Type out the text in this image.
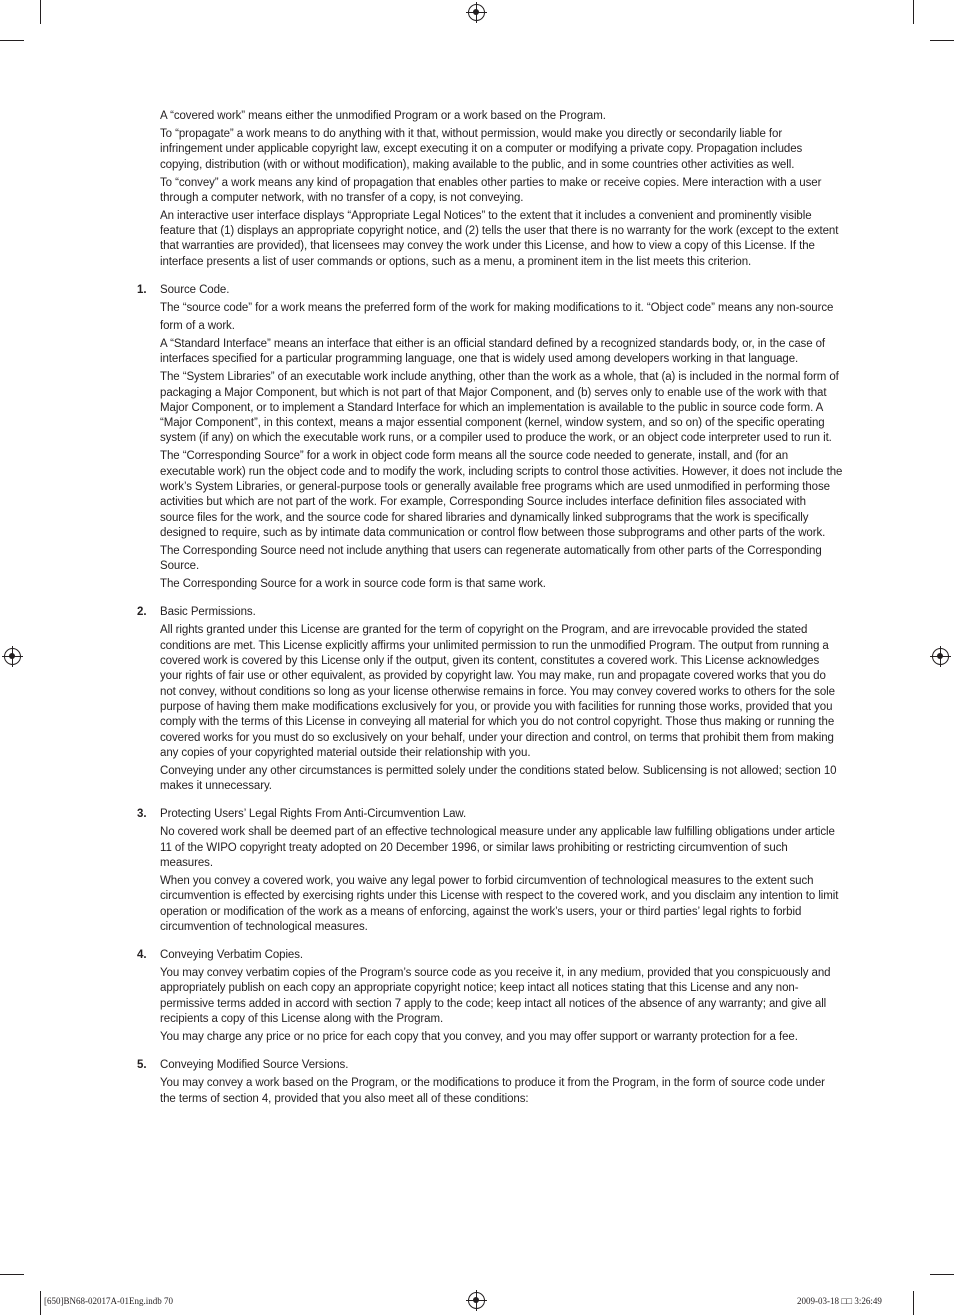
A “covered work” means either the unmodified Program or a work based on the Program.

To “propagate” a work means to do anything with it that, without permission, would make you directly or secondarily liable for infringement under applicable copyright law, except executing it on a computer or modifying a private copy. Propagation includes copying, distribution (with or without modification), making available to the public, and in some countries other activities as well.

To “convey” a work means any kind of propagation that enables other parties to make or receive copies. Mere interaction with a user through a computer network, with no transfer of a copy, is not conveying.

An interactive user interface displays “Appropriate Legal Notices” to the extent that it includes a convenient and prominently visible feature that (1) displays an appropriate copyright notice, and (2) tells the user that there is no warranty for the work (except to the extent that warranties are provided), that licensees may convey the work under this License, and how to view a copy of this License. If the interface presents a list of user commands or options, such as a menu, a prominent item in the list meets this criterion.

1. Source Code.

The “source code” for a work means the preferred form of the work for making modifications to it. “Object code” means any non-source

form of a work.

A “Standard Interface” means an interface that either is an official standard defined by a recognized standards body, or, in the case of interfaces specified for a particular programming language, one that is widely used among developers working in that language.

The “System Libraries” of an executable work include anything, other than the work as a whole, that (a) is included in the normal form of packaging a Major Component, but which is not part of that Major Component, and (b) serves only to enable use of the work with that Major Component, or to implement a Standard Interface for which an implementation is available to the public in source code form. A “Major Component”, in this context, means a major essential component (kernel, window system, and so on) of the specific operating system (if any) on which the executable work runs, or a compiler used to produce the work, or an object code interpreter used to run it.

The “Corresponding Source” for a work in object code form means all the source code needed to generate, install, and (for an executable work) run the object code and to modify the work, including scripts to control those activities. However, it does not include the work’s System Libraries, or general-purpose tools or generally available free programs which are used unmodified in performing those activities but which are not part of the work. For example, Corresponding Source includes interface definition files associated with source files for the work, and the source code for shared libraries and dynamically linked subprograms that the work is specifically designed to require, such as by intimate data communication or control flow between those subprograms and other parts of the work.

The Corresponding Source need not include anything that users can regenerate automatically from other parts of the Corresponding Source.

The Corresponding Source for a work in source code form is that same work.

2. Basic Permissions.

All rights granted under this License are granted for the term of copyright on the Program, and are irrevocable provided the stated conditions are met. This License explicitly affirms your unlimited permission to run the unmodified Program. The output from running a covered work is covered by this License only if the output, given its content, constitutes a covered work. This License acknowledges your rights of fair use or other equivalent, as provided by copyright law. You may make, run and propagate covered works that you do not convey, without conditions so long as your license otherwise remains in force. You may convey covered works to others for the sole purpose of having them make modifications exclusively for you, or provide you with facilities for running those works, provided that you comply with the terms of this License in conveying all material for which you do not control copyright. Those thus making or running the covered works for you must do so exclusively on your behalf, under your direction and control, on terms that prohibit them from making any copies of your copyrighted material outside their relationship with you.

Conveying under any other circumstances is permitted solely under the conditions stated below. Sublicensing is not allowed; section 10 makes it unnecessary.

3. Protecting Users’ Legal Rights From Anti-Circumvention Law.

No covered work shall be deemed part of an effective technological measure under any applicable law fulfilling obligations under article 11 of the WIPO copyright treaty adopted on 20 December 1996, or similar laws prohibiting or restricting circumvention of such measures.

When you convey a covered work, you waive any legal power to forbid circumvention of technological measures to the extent such circumvention is effected by exercising rights under this License with respect to the covered work, and you disclaim any intention to limit operation or modification of the work as a means of enforcing, against the work’s users, your or third parties’ legal rights to forbid circumvention of technological measures.

4. Conveying Verbatim Copies.

You may convey verbatim copies of the Program’s source code as you receive it, in any medium, provided that you conspicuously and appropriately publish on each copy an appropriate copyright notice; keep intact all notices stating that this License and any non-permissive terms added in accord with section 7 apply to the code; keep intact all notices of the absence of any warranty; and give all recipients a copy of this License along with the Program.

You may charge any price or no price for each copy that you convey, and you may offer support or warranty protection for a fee.

5. Conveying Modified Source Versions.

You may convey a work based on the Program, or the modifications to produce it from the Program, in the form of source code under the terms of section 4, provided that you also meet all of these conditions:

[650]BN68-02017A-01Eng.indb 70	2009-03-18 □□ 3:26:49
